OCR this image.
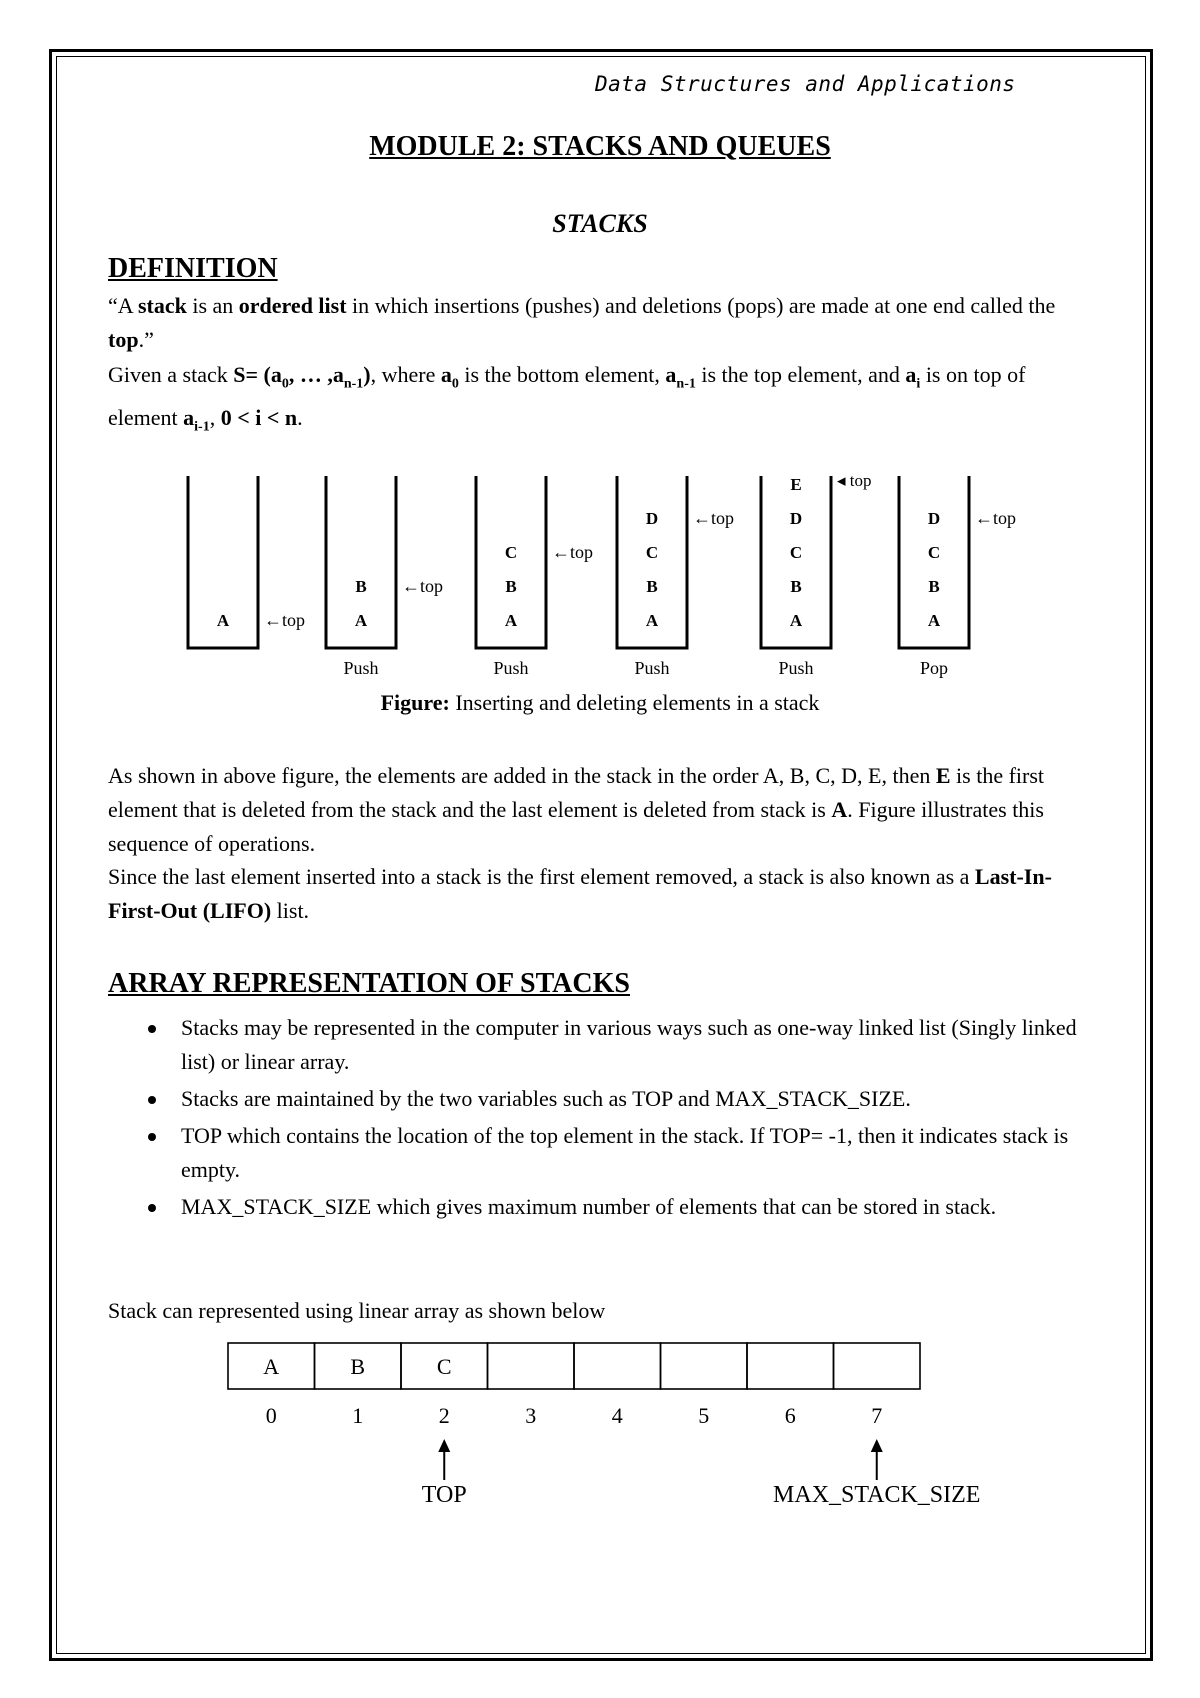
Data Structures and Applications
MODULE 2: STACKS AND QUEUES
STACKS
DEFINITION
“A stack is an ordered list in which insertions (pushes) and deletions (pops) are made at one end called the top.”
Given a stack $S= (a_0$, … $,a_{n-1}$), where $a_0$ is the bottom element, $a_{n-1}$ is the top element, and $a_i$ is on top of element $a_{i-1}$, 0 < i < n.
A ←top	A
B ←top
Push
A
B
C ←top
Push
A
B
C
D ←top
Push
A
B
C
D
E ◂ top
Push
A
B
C
D ←top
Pop
Figure: Inserting and deleting elements in a stack
As shown in above figure, the elements are added in the stack in the order A, B, C, D, E, then E is the first element that is deleted from the stack and the last element is deleted from stack is A. Figure illustrates this sequence of operations.
Since the last element inserted into a stack is the first element removed, a stack is also known as a Last-In-First-Out (LIFO) list.
ARRAY REPRESENTATION OF STACKS
Stacks may be represented in the computer in various ways such as one-way linked list (Singly linked list) or linear array.
Stacks are maintained by the two variables such as TOP and MAX_STACK_SIZE.
TOP which contains the location of the top element in the stack. If TOP= -1, then it indicates stack is empty.
MAX_STACK_SIZE which gives maximum number of elements that can be stored in stack.
Stack can represented using linear array as shown below
A	B	C
0	1	2	3	4	5	6	7
TOP	MAX_STACK_SIZE
